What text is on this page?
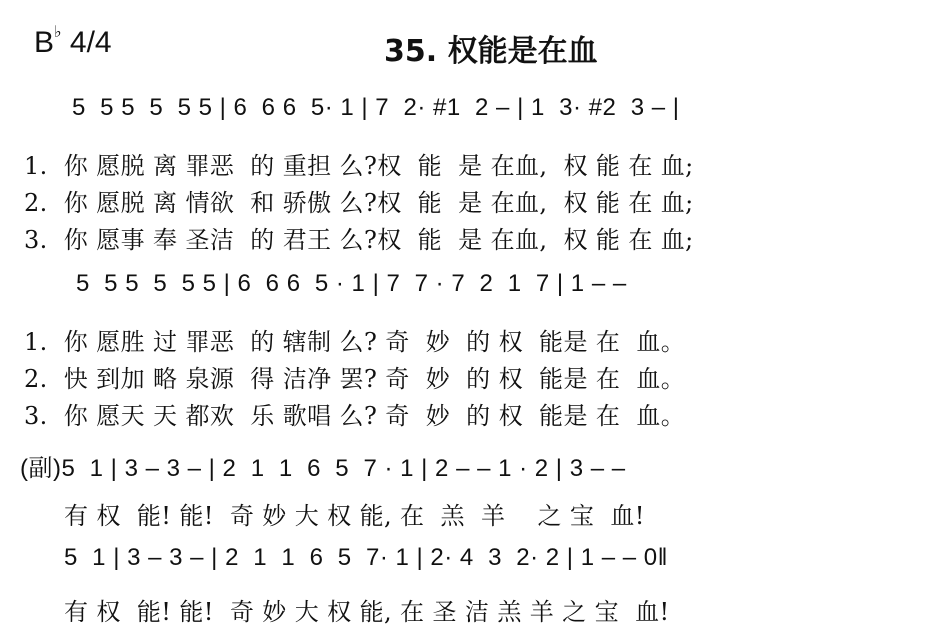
B♭ 4/4	35. 权能是在血
5  5 5  5  5 5 | 6  6 6  5· 1 | 7  2· #1  2 – | 1  3· #2  3 – |
1.  你 愿脱 离 罪恶  的 重担 么?权  能  是 在血,  权 能 在 血;
2.  你 愿脱 离 情欲  和 骄傲 么?权  能  是 在血,  权 能 在 血;
3.  你 愿事 奉 圣洁  的 君王 么?权  能  是 在血,  权 能 在 血;
5  5 5  5  5 5 | 6  6 6  5 · 1 | 7  7 · 7  2  1  7 | 1 – –
1.  你 愿胜 过 罪恶  的 辖制 么? 奇  妙  的 权  能是 在  血。
2.  快 到加 略 泉源  得 洁净 罢? 奇  妙  的 权  能是 在  血。
3.  你 愿天 天 都欢  乐 歌唱 么? 奇  妙  的 权  能是 在  血。
(副)5  1 | 3 – 3 – | 2  1  1  6  5  7 · 1 | 2 – – 1 · 2 | 3 – –
有 权  能! 能!  奇 妙 大 权 能, 在  羔  羊    之 宝  血!
5  1 | 3 – 3 – | 2  1  1  6  5  7· 1 | 2· 4  3  2· 2 | 1 – – 0‖
有 权  能! 能!  奇 妙 大 权 能, 在 圣 洁 羔 羊 之 宝  血!
